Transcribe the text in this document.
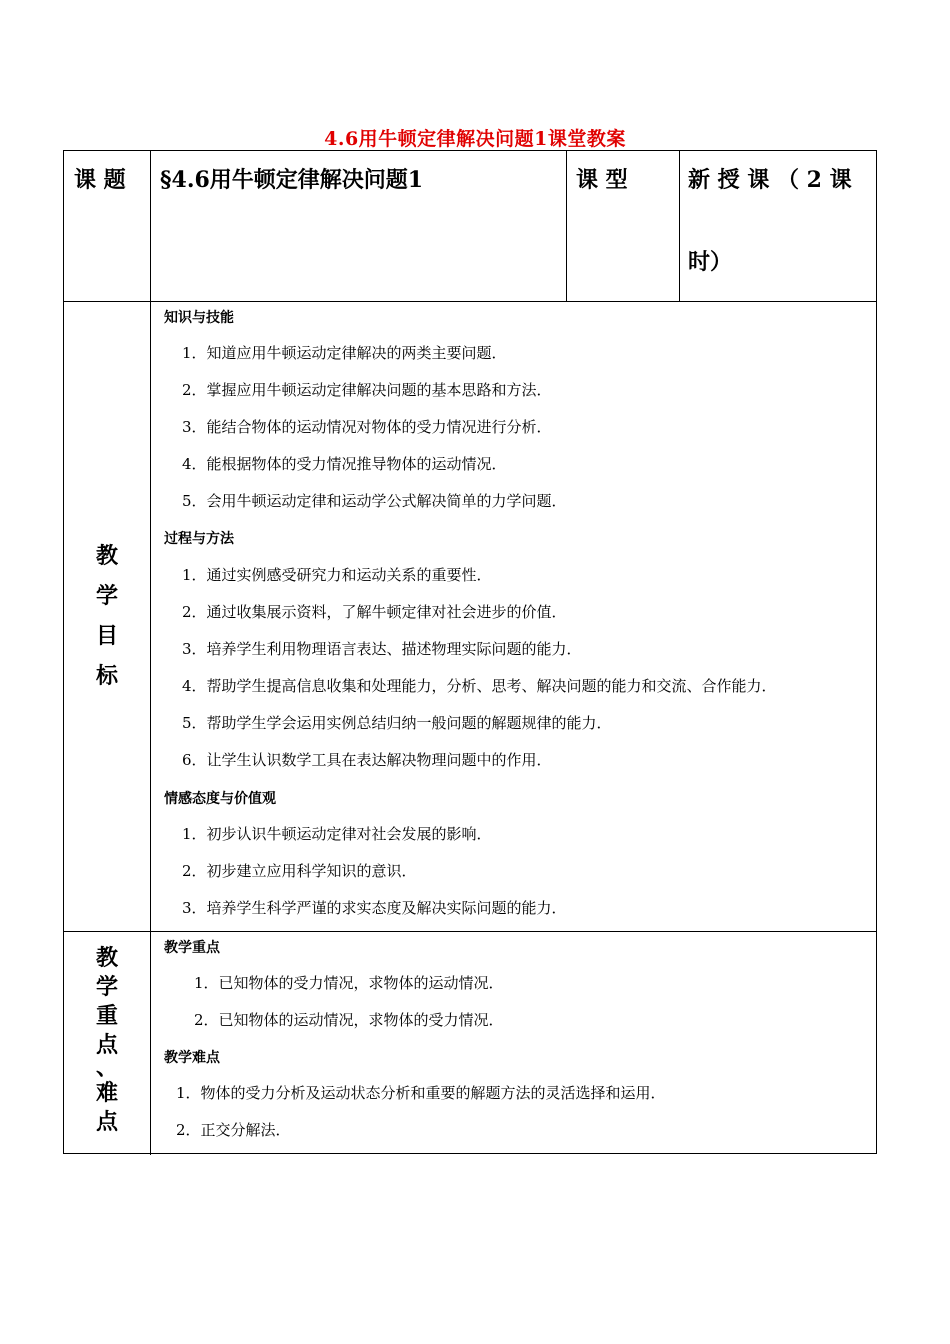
4.6用牛顿定律解决问题1课堂教案
课 题 §4.6用牛顿定律解决问题1	课 型	新 授 课 （ 2 课
时）
教
学
目
标
知识与技能
1．知道应用牛顿运动定律解决的两类主要问题．
2．掌握应用牛顿运动定律解决问题的基本思路和方法．
3．能结合物体的运动情况对物体的受力情况进行分析．
4．能根据物体的受力情况推导物体的运动情况．
5．会用牛顿运动定律和运动学公式解决简单的力学问题．
过程与方法
1．通过实例感受研究力和运动关系的重要性．
2．通过收集展示资料，了解牛顿定律对社会进步的价值．
3．培养学生利用物理语言表达、描述物理实际问题的能力．
4．帮助学生提高信息收集和处理能力，分析、思考、解决问题的能力和交流、合作能力．
5．帮助学生学会运用实例总结归纳一般问题的解题规律的能力．
6．让学生认识数学工具在表达解决物理问题中的作用．
情感态度与价值观
1．初步认识牛顿运动定律对社会发展的影响．
2．初步建立应用科学知识的意识．
3．培养学生科学严谨的求实态度及解决实际问题的能力．
教
学
重
点
、
难
点
教学重点
1．已知物体的受力情况，求物体的运动情况．
2．已知物体的运动情况，求物体的受力情况．
教学难点
1．物体的受力分析及运动状态分析和重要的解题方法的灵活选择和运用．
2．正交分解法．
